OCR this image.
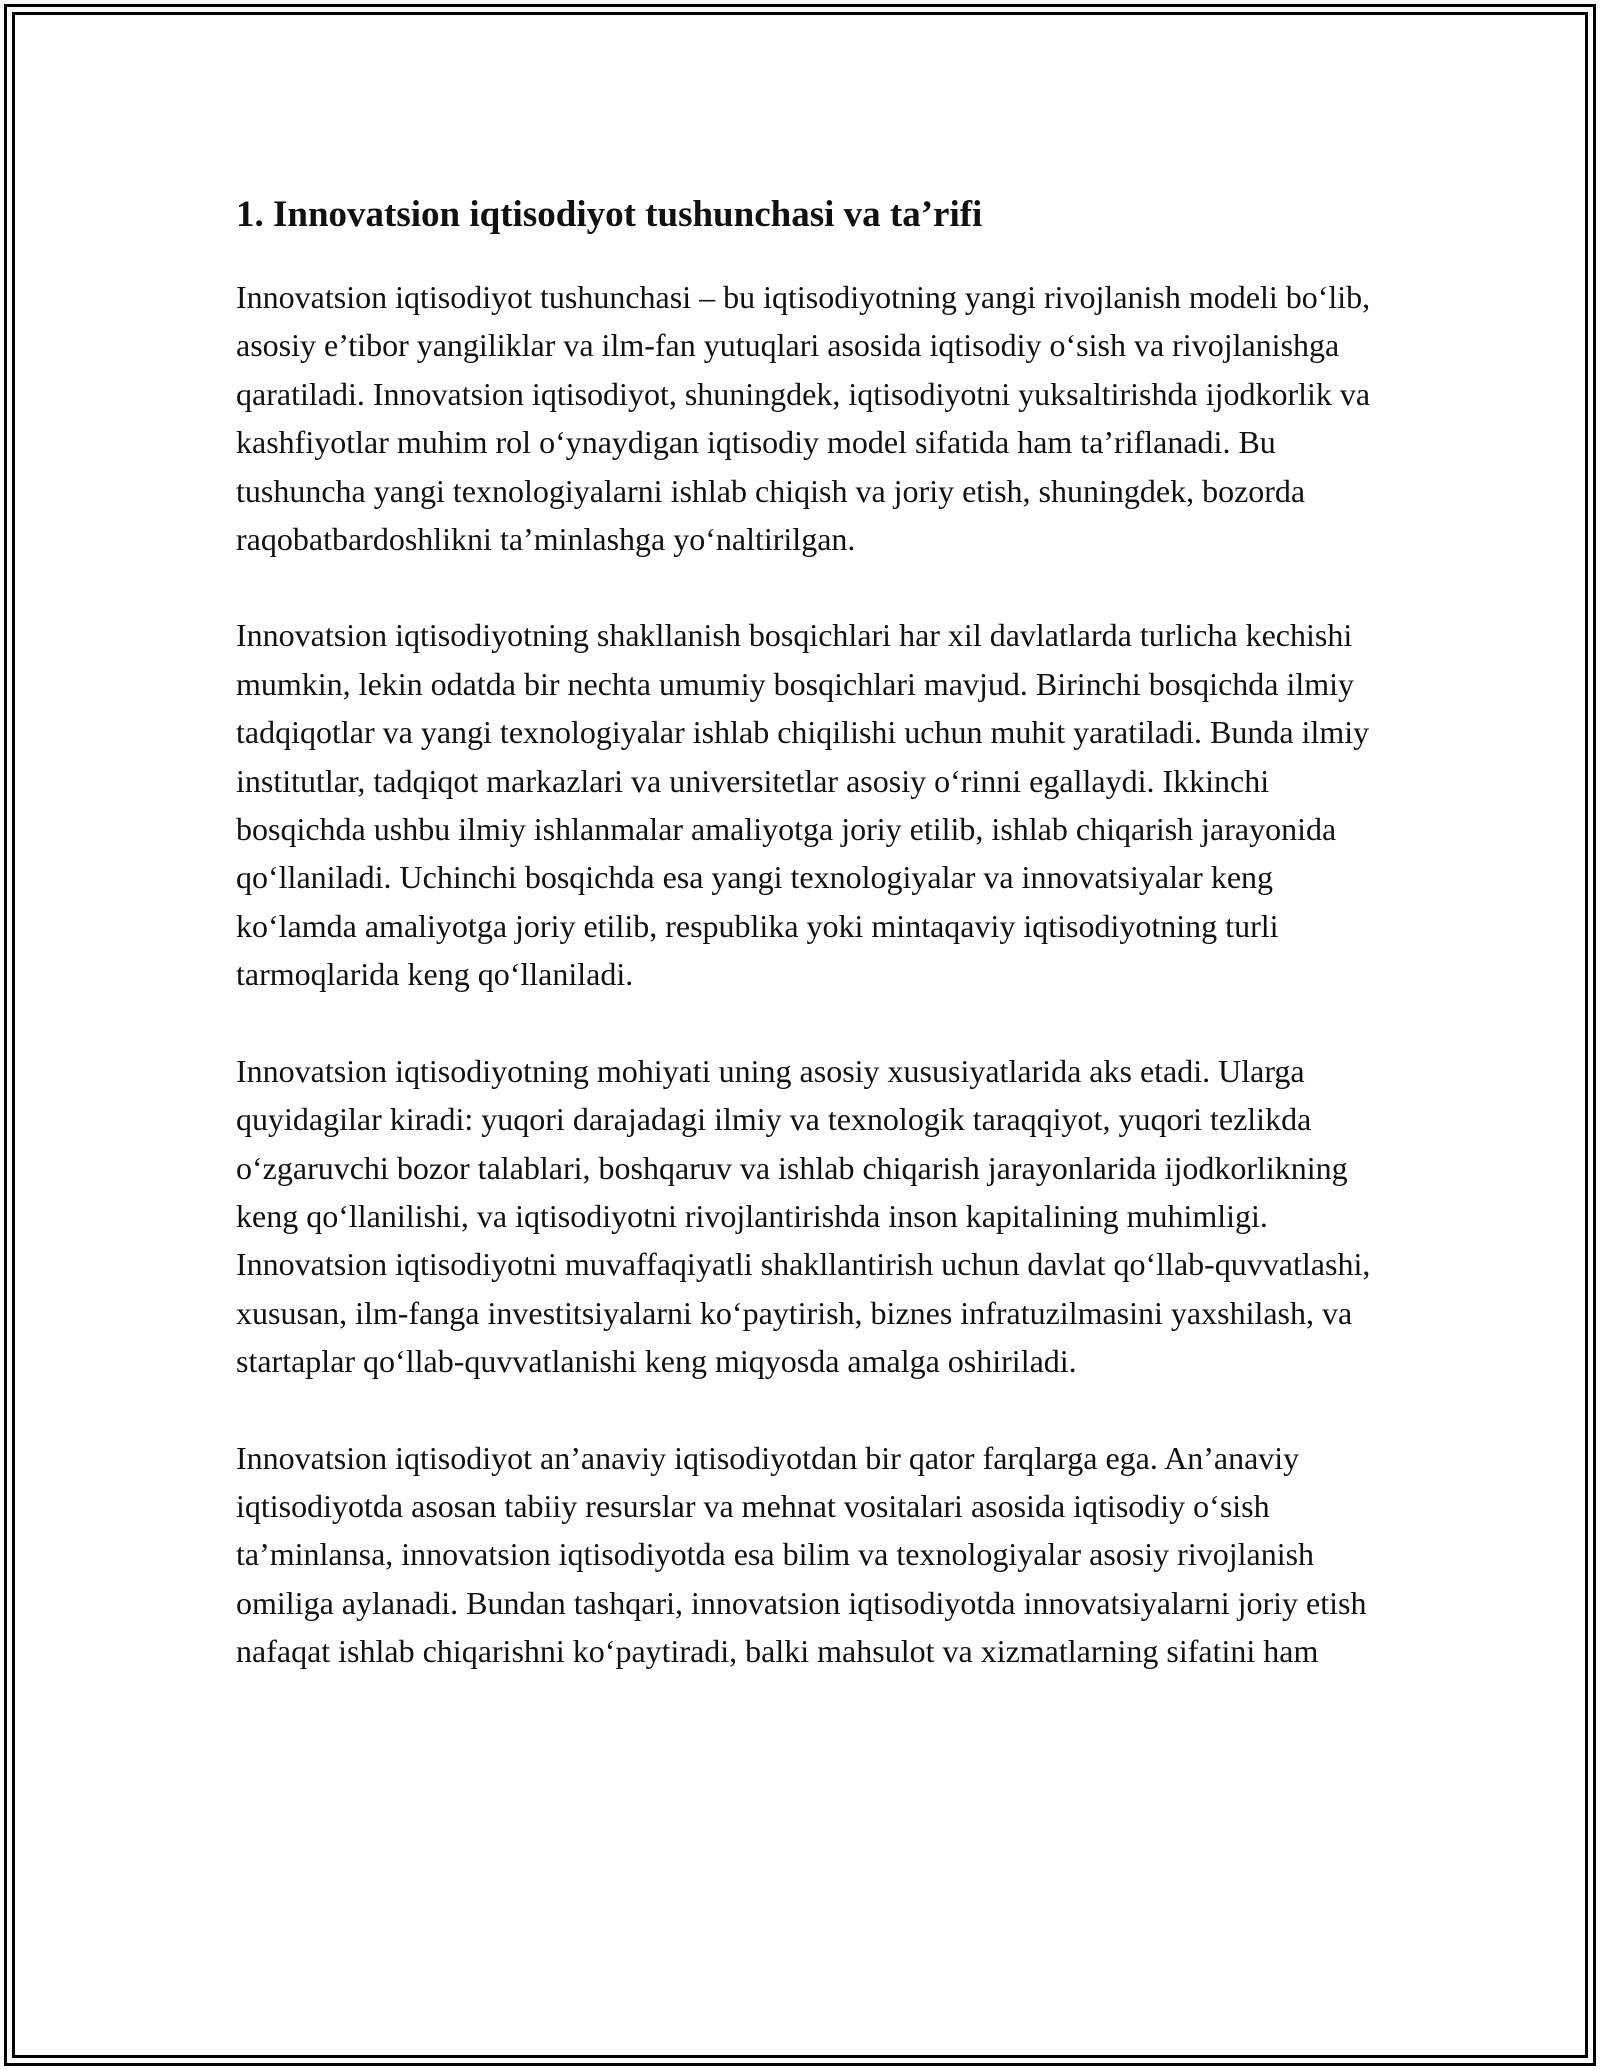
1. Innovatsion iqtisodiyot tushunchasi va ta’rifi

Innovatsion iqtisodiyot tushunchasi – bu iqtisodiyotning yangi rivojlanish modeli bo‘lib, asosiy e’tibor yangiliklar va ilm-fan yutuqlari asosida iqtisodiy o‘sish va rivojlanishga qaratiladi. Innovatsion iqtisodiyot, shuningdek, iqtisodiyotni yuksaltirishda ijodkorlik va kashfiyotlar muhim rol o‘ynaydigan iqtisodiy model sifatida ham ta’riflanadi. Bu tushuncha yangi texnologiyalarni ishlab chiqish va joriy etish, shuningdek, bozorda raqobatbardoshlikni ta’minlashga yo‘naltirilgan.

Innovatsion iqtisodiyotning shakllanish bosqichlari har xil davlatlarda turlicha kechishi mumkin, lekin odatda bir nechta umumiy bosqichlari mavjud. Birinchi bosqichda ilmiy tadqiqotlar va yangi texnologiyalar ishlab chiqilishi uchun muhit yaratiladi. Bunda ilmiy institutlar, tadqiqot markazlari va universitetlar asosiy o‘rinni egallaydi. Ikkinchi bosqichda ushbu ilmiy ishlanmalar amaliyotga joriy etilib, ishlab chiqarish jarayonida qo‘llaniladi. Uchinchi bosqichda esa yangi texnologiyalar va innovatsiyalar keng ko‘lamda amaliyotga joriy etilib, respublika yoki mintaqaviy iqtisodiyotning turli tarmoqlarida keng qo‘llaniladi.

Innovatsion iqtisodiyotning mohiyati uning asosiy xususiyatlarida aks etadi. Ularga quyidagilar kiradi: yuqori darajadagi ilmiy va texnologik taraqqiyot, yuqori tezlikda o‘zgaruvchi bozor talablari, boshqaruv va ishlab chiqarish jarayonlarida ijodkorlikning keng qo‘llanilishi, va iqtisodiyotni rivojlantirishda inson kapitalining muhimligi. Innovatsion iqtisodiyotni muvaffaqiyatli shakllantirish uchun davlat qo‘llab-quvvatlashi, xususan, ilm-fanga investitsiyalarni ko‘paytirish, biznes infratuzilmasini yaxshilash, va startaplar qo‘llab-quvvatlanishi keng miqyosda amalga oshiriladi.

Innovatsion iqtisodiyot an’anaviy iqtisodiyotdan bir qator farqlarga ega. An’anaviy iqtisodiyotda asosan tabiiy resurslar va mehnat vositalari asosida iqtisodiy o‘sish ta’minlansa, innovatsion iqtisodiyotda esa bilim va texnologiyalar asosiy rivojlanish omiliga aylanadi. Bundan tashqari, innovatsion iqtisodiyotda innovatsiyalarni joriy etish nafaqat ishlab chiqarishni ko‘paytiradi, balki mahsulot va xizmatlarning sifatini ham
